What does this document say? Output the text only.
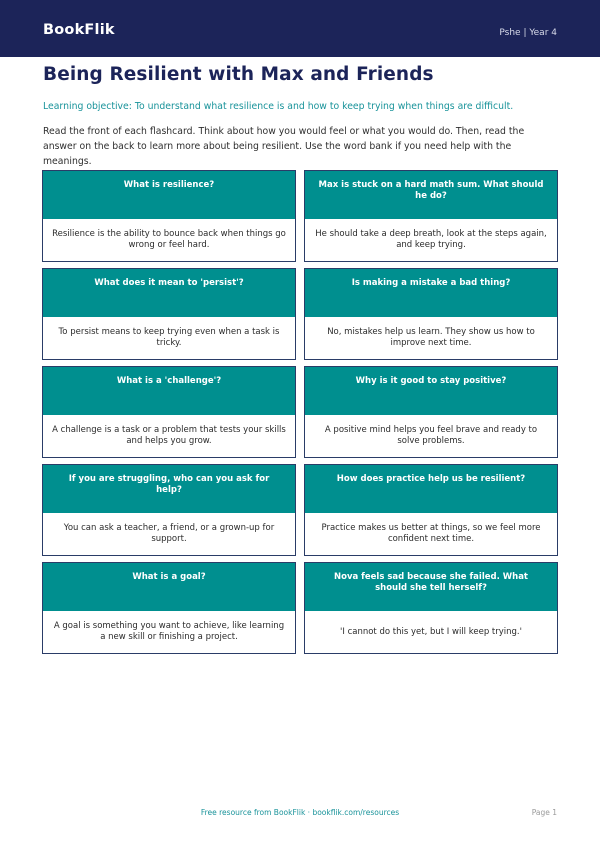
BookFlik	Pshe | Year 4
Being Resilient with Max and Friends
Learning objective: To understand what resilience is and how to keep trying when things are difficult.
Read the front of each flashcard. Think about how you would feel or what you would do. Then, read the answer on the back to learn more about being resilient. Use the word bank if you need help with the meanings.
What is resilience?
Resilience is the ability to bounce back when things go wrong or feel hard.
Max is stuck on a hard math sum. What should he do?
He should take a deep breath, look at the steps again, and keep trying.
What does it mean to 'persist'?
To persist means to keep trying even when a task is tricky.
Is making a mistake a bad thing?
No, mistakes help us learn. They show us how to improve next time.
What is a 'challenge'?
A challenge is a task or a problem that tests your skills and helps you grow.
Why is it good to stay positive?
A positive mind helps you feel brave and ready to solve problems.
If you are struggling, who can you ask for help?
You can ask a teacher, a friend, or a grown-up for support.
How does practice help us be resilient?
Practice makes us better at things, so we feel more confident next time.
What is a goal?
A goal is something you want to achieve, like learning a new skill or finishing a project.
Nova feels sad because she failed. What should she tell herself?
'I cannot do this yet, but I will keep trying.'
Free resource from BookFlik · bookflik.com/resources	Page 1
